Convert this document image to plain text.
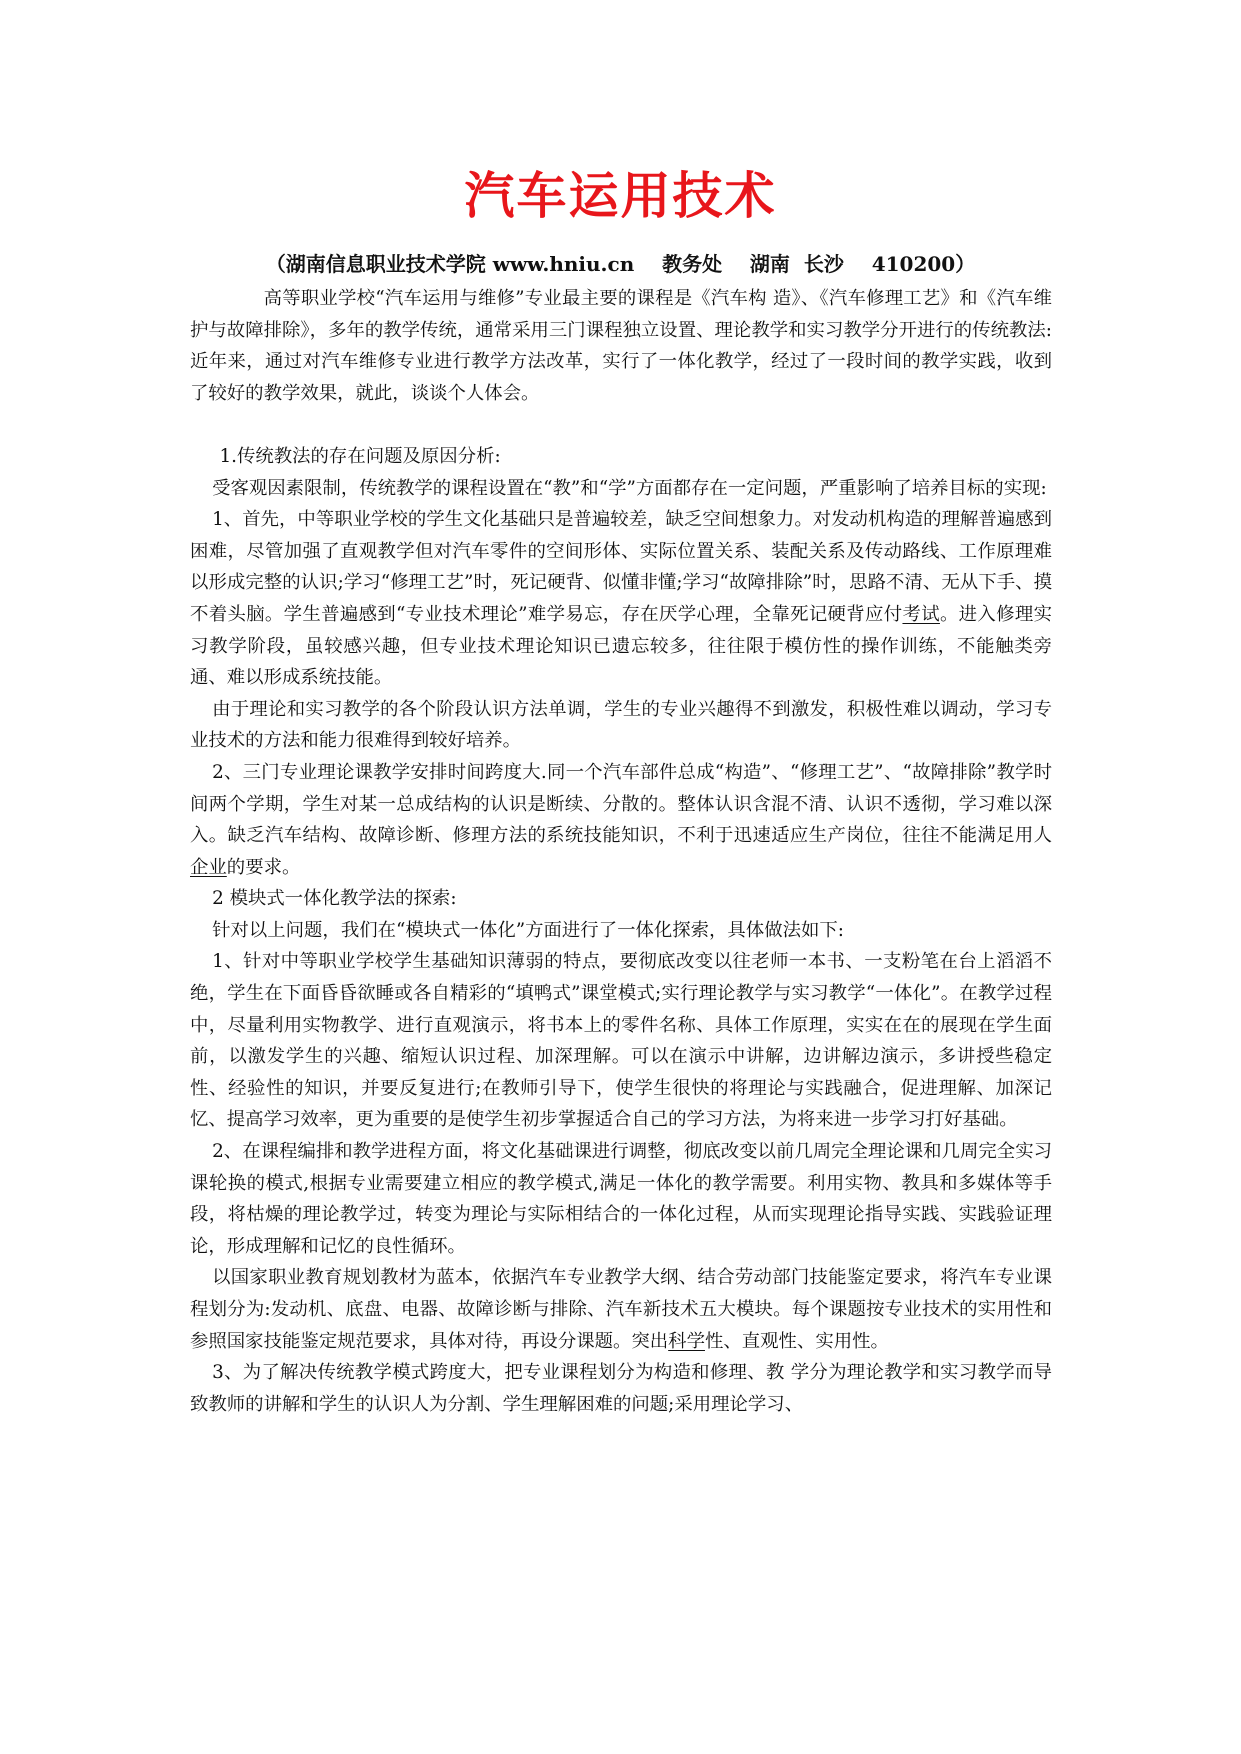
汽车运用技术
（湖南信息职业技术学院 www.hniu.cn    教务处    湖南  长沙    410200）

高等职业学校“汽车运用与维修”专业最主要的课程是《汽车构 造》、《汽车修理工艺》和《汽车维护与故障排除》，多年的教学传统，通常采用三门课程独立设置、理论教学和实习教学分开进行的传统教法:近年来，通过对汽车维修专业进行教学方法改革，实行了一体化教学，经过了一段时间的教学实践，收到了较好的教学效果，就此，谈谈个人体会。

1.传统教法的存在问题及原因分析:

受客观因素限制，传统教学的课程设置在“教”和“学”方面都存在一定问题，严重影响了培养目标的实现:

1、首先，中等职业学校的学生文化基础只是普遍较差，缺乏空间想象力。对发动机构造的理解普遍感到困难，尽管加强了直观教学但对汽车零件的空间形体、实际位置关系、装配关系及传动路线、工作原理难以形成完整的认识;学习“修理工艺”时，死记硬背、似懂非懂;学习“故障排除”时，思路不清、无从下手、摸不着头脑。学生普遍感到“专业技术理论”难学易忘，存在厌学心理，全靠死记硬背应付考试。进入修理实习教学阶段，虽较感兴趣，但专业技术理论知识已遗忘较多，往往限于模仿性的操作训练，不能触类旁通、难以形成系统技能。

由于理论和实习教学的各个阶段认识方法单调，学生的专业兴趣得不到激发，积极性难以调动，学习专业技术的方法和能力很难得到较好培养。

2、三门专业理论课教学安排时间跨度大.同一个汽车部件总成“构造”、“修理工艺”、“故障排除”教学时间两个学期，学生对某一总成结构的认识是断续、分散的。整体认识含混不清、认识不透彻，学习难以深入。缺乏汽车结构、故障诊断、修理方法的系统技能知识，不利于迅速适应生产岗位，往往不能满足用人企业的要求。

2 模块式一体化教学法的探索:

针对以上问题，我们在“模块式一体化”方面进行了一体化探索，具体做法如下:

1、针对中等职业学校学生基础知识薄弱的特点，要彻底改变以往老师一本书、一支粉笔在台上滔滔不绝，学生在下面昏昏欲睡或各自精彩的“填鸭式”课堂模式;实行理论教学与实习教学“一体化”。在教学过程中，尽量利用实物教学、进行直观演示，将书本上的零件名称、具体工作原理，实实在在的展现在学生面前，以激发学生的兴趣、缩短认识过程、加深理解。可以在演示中讲解，边讲解边演示，多讲授些稳定性、经验性的知识，并要反复进行;在教师引导下，使学生很快的将理论与实践融合，促进理解、加深记忆、提高学习效率，更为重要的是使学生初步掌握适合自己的学习方法，为将来进一步学习打好基础。

2、在课程编排和教学进程方面，将文化基础课进行调整，彻底改变以前几周完全理论课和几周完全实习课轮换的模式,根据专业需要建立相应的教学模式,满足一体化的教学需要。利用实物、教具和多媒体等手段，将枯燥的理论教学过，转变为理论与实际相结合的一体化过程，从而实现理论指导实践、实践验证理论，形成理解和记忆的良性循环。

以国家职业教育规划教材为蓝本，依据汽车专业教学大纲、结合劳动部门技能鉴定要求，将汽车专业课程划分为:发动机、底盘、电器、故障诊断与排除、汽车新技术五大模块。每个课题按专业技术的实用性和参照国家技能鉴定规范要求，具体对待，再设分课题。突出科学性、直观性、实用性。

3、为了解决传统教学模式跨度大，把专业课程划分为构造和修理、教 学分为理论教学和实习教学而导致教师的讲解和学生的认识人为分割、学生理解困难的问题;采用理论学习、
